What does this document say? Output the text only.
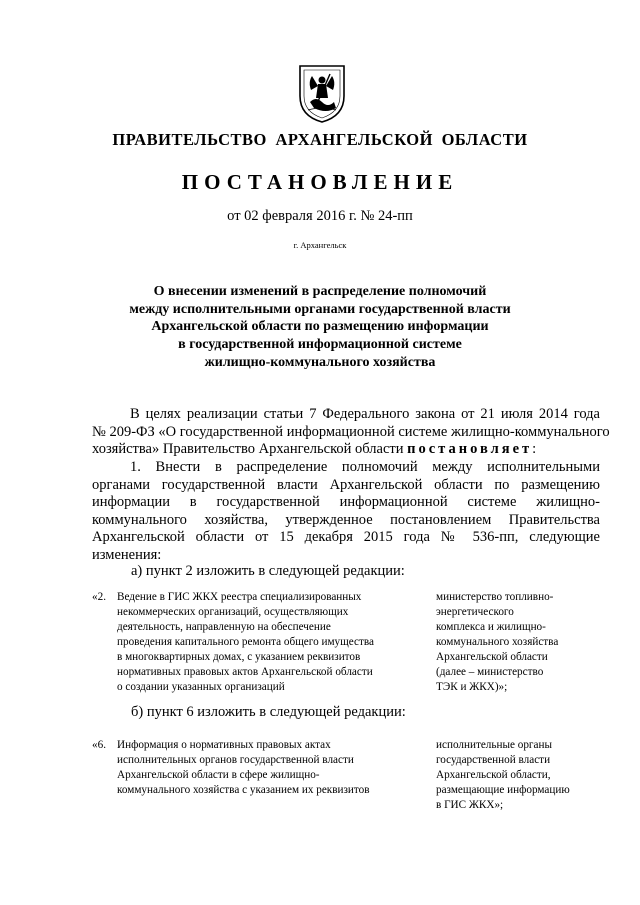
ПРАВИТЕЛЬСТВО АРХАНГЕЛЬСКОЙ ОБЛАСТИ
ПОСТАНОВЛЕНИЕ
от 02 февраля 2016 г. № 24-пп
г. Архангельск
О внесении изменений в распределение полномочий
между исполнительными органами государственной власти
Архангельской области по размещению информации
в государственной информационной системе
жилищно-коммунального хозяйства
В целях реализации статьи 7 Федерального закона от 21 июля 2014 года
№ 209-ФЗ «О государственной информационной системе жилищно-коммунального
хозяйства» Правительство Архангельской области постановляет:
1. Внести в распределение полномочий между исполнительными
органами государственной власти Архангельской области по размещению
информации в государственной информационной системе жилищно-
коммунального хозяйства, утвержденное постановлением Правительства
Архангельской области от 15 декабря 2015 года № 536-пп, следующие
изменения:
а) пункт 2 изложить в следующей редакции:
«2. Ведение в ГИС ЖКХ реестра специализированных
некоммерческих организаций, осуществляющих
деятельность, направленную на обеспечение
проведения капитального ремонта общего имущества
в многоквартирных домах, с указанием реквизитов
нормативных правовых актов Архангельской области
о создании указанных организаций
министерство топливно-
энергетического
комплекса и жилищно-
коммунального хозяйства
Архангельской области
(далее – министерство
ТЭК и ЖКХ)»;
б) пункт 6 изложить в следующей редакции:
«6. Информация о нормативных правовых актах
исполнительных органов государственной власти
Архангельской области в сфере жилищно-
коммунального хозяйства с указанием их реквизитов
исполнительные органы
государственной власти
Архангельской области,
размещающие информацию
в ГИС ЖКХ»;
